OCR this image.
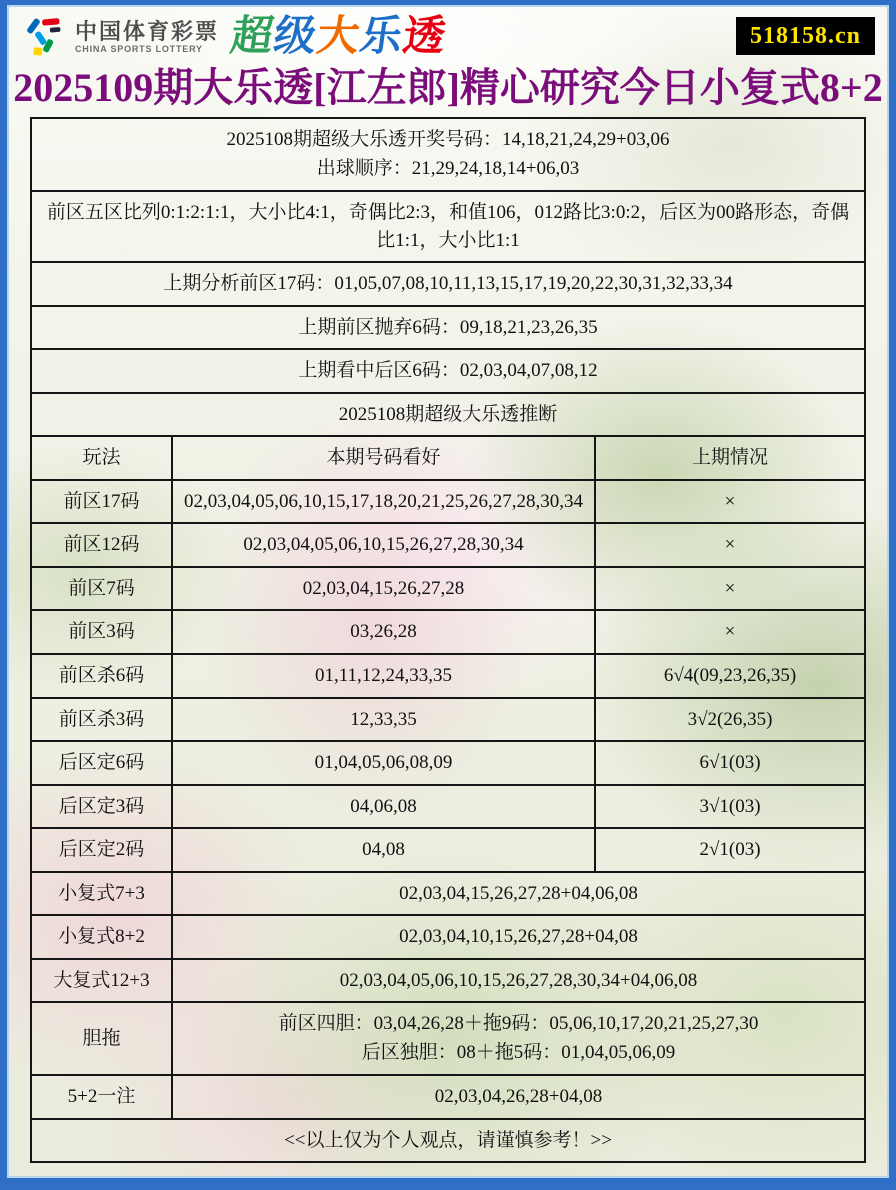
中国体育彩票
CHINA SPORTS LOTTERY 超级大乐透	518158.cn
2025109期大乐透[江左郎]精心研究今日小复式8+2
2025108期超级大乐透开奖号码：14,18,21,24,29+03,06
出球顺序：21,29,24,18,14+06,03		

前区五区比列0:1:2:1:1，大小比4:1，奇偶比2:3，和值106，012路比3:0:2，后区为00路形态，奇偶比1:1，大小比1:1		
上期分析前区17码：01,05,07,08,10,11,13,15,17,19,20,22,30,31,32,33,34		
上期前区抛弃6码：09,18,21,23,26,35		
上期看中后区6码：02,03,04,07,08,12		
2025108期超级大乐透推断		
玩法	本期号码看好	上期情况
前区17码	02,03,04,05,06,10,15,17,18,20,21,25,26,27,28,30,34	×
前区12码	02,03,04,05,06,10,15,26,27,28,30,34	×
前区7码	02,03,04,15,26,27,28	×
前区3码	03,26,28	×
前区杀6码	01,11,12,24,33,35	6√4(09,23,26,35)
前区杀3码	12,33,35	3√2(26,35)
后区定6码	01,04,05,06,08,09	6√1(03)
后区定3码	04,06,08	3√1(03)
后区定2码	04,08	2√1(03)
小复式7+3	02,03,04,15,26,27,28+04,06,08	
小复式8+2	02,03,04,10,15,26,27,28+04,08	
大复式12+3	02,03,04,05,06,10,15,26,27,28,30,34+04,06,08	
胆拖	前区四胆：03,04,26,28＋拖9码：05,06,10,17,20,21,25,27,30
后区独胆：08＋拖5码：01,04,05,06,09	

5+2一注	02,03,04,26,28+04,08	
<<以上仅为个人观点，请谨慎参考！>>		
